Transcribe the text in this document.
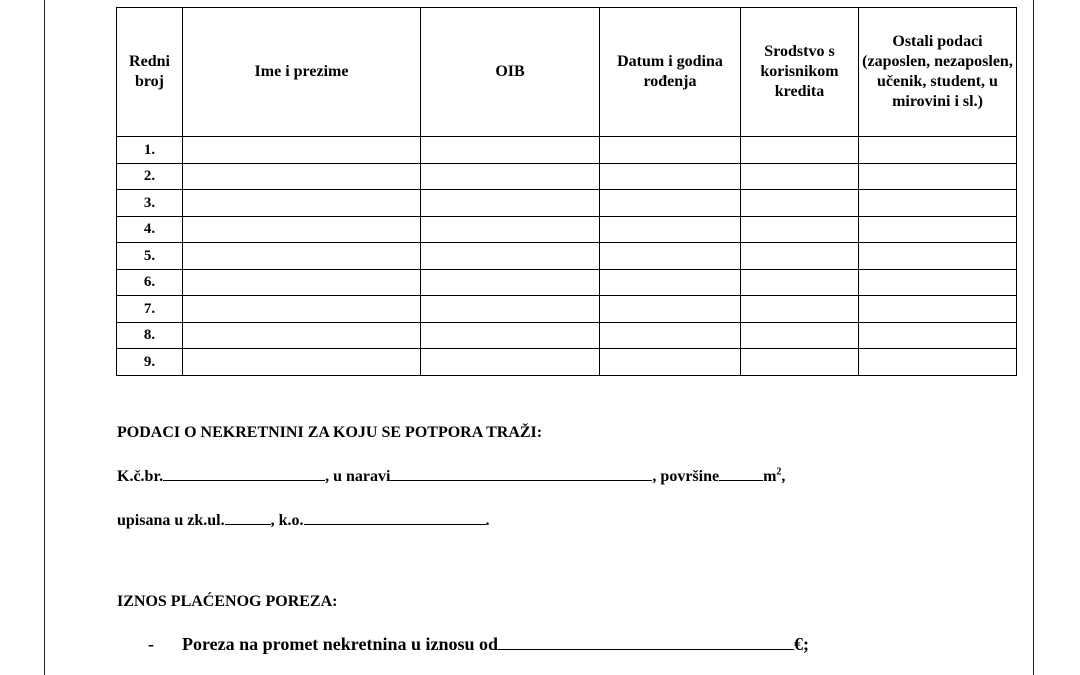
Redni broj	Ime i prezime	OIB	Datum i godina rođenja	Srodstvo s korisnikom kredita	Ostali podaci (zaposlen, nezaposlen, učenik, student, u mirovini i sl.)
1.					
2.					
3.					
4.					
5.					
6.					
7.					
8.					
9.					
PODACI O NEKRETNINI ZA KOJU SE POTPORA TRAŽI:
K.č.br.	, u naravi	, površine	$m^2$,
upisana u zk.ul.	, k.o.	.
IZNOS PLAĆENOG POREZA:
- Poreza na promet nekretnina u iznosu od	€;
